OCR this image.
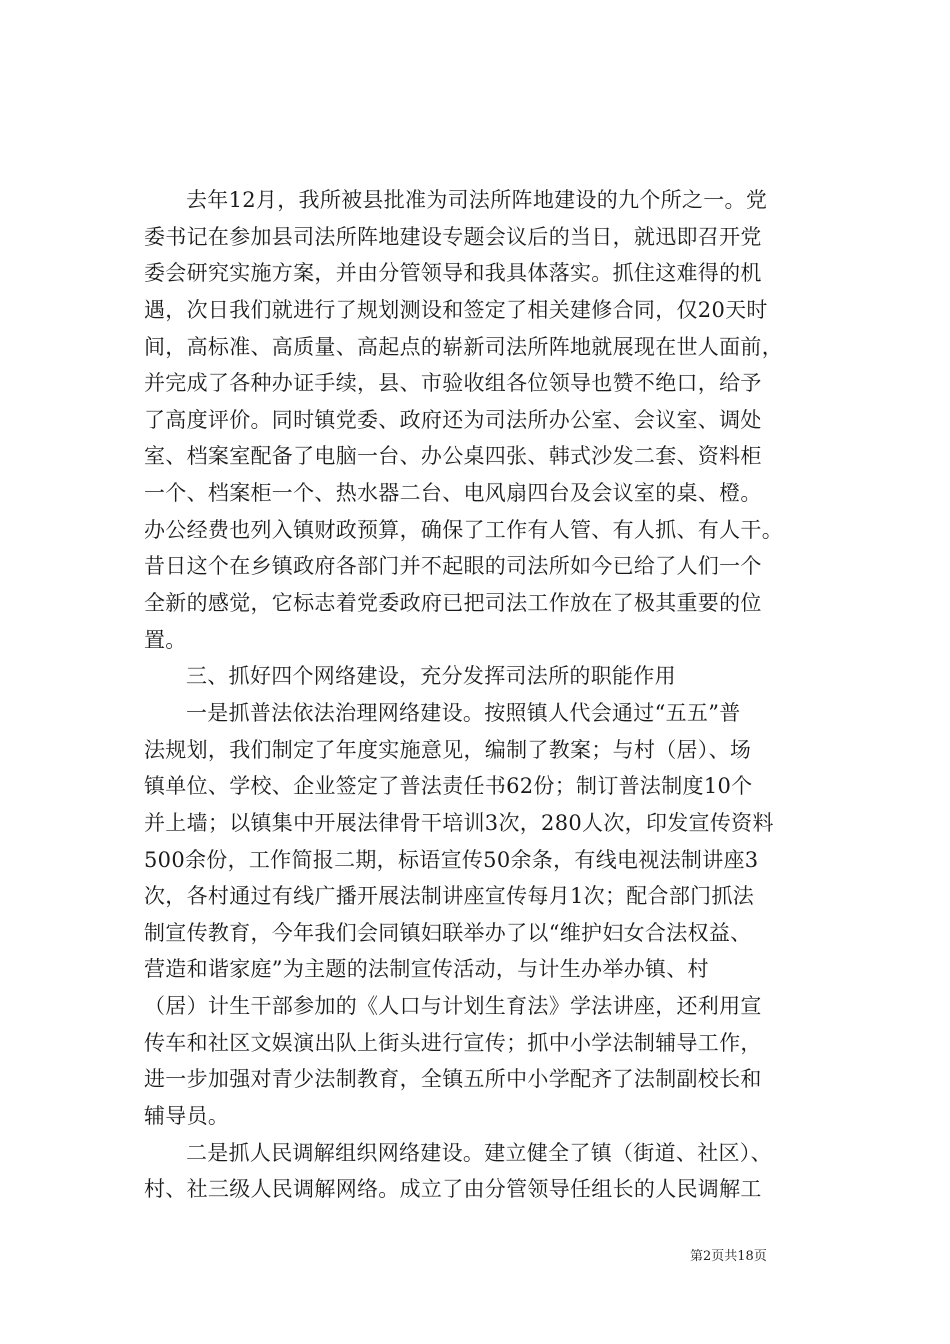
去年12月，我所被县批准为司法所阵地建设的九个所之一。党
委书记在参加县司法所阵地建设专题会议后的当日，就迅即召开党
委会研究实施方案，并由分管领导和我具体落实。抓住这难得的机
遇，次日我们就进行了规划测设和签定了相关建修合同，仅20天时
间，高标准、高质量、高起点的崭新司法所阵地就展现在世人面前，
并完成了各种办证手续，县、市验收组各位领导也赞不绝口，给予
了高度评价。同时镇党委、政府还为司法所办公室、会议室、调处
室、档案室配备了电脑一台、办公桌四张、韩式沙发二套、资料柜
一个、档案柜一个、热水器二台、电风扇四台及会议室的桌、橙。
办公经费也列入镇财政预算，确保了工作有人管、有人抓、有人干。
昔日这个在乡镇政府各部门并不起眼的司法所如今已给了人们一个
全新的感觉，它标志着党委政府已把司法工作放在了极其重要的位
置。
三、抓好四个网络建设，充分发挥司法所的职能作用
一是抓普法依法治理网络建设。按照镇人代会通过“五五”普
法规划，我们制定了年度实施意见，编制了教案；与村（居）、场
镇单位、学校、企业签定了普法责任书62份；制订普法制度10个
并上墙；以镇集中开展法律骨干培训3次，280人次，印发宣传资料
500余份，工作简报二期，标语宣传50余条，有线电视法制讲座3
次，各村通过有线广播开展法制讲座宣传每月1次；配合部门抓法
制宣传教育，今年我们会同镇妇联举办了以“维护妇女合法权益、
营造和谐家庭”为主题的法制宣传活动，与计生办举办镇、村
（居）计生干部参加的《人口与计划生育法》学法讲座，还利用宣
传车和社区文娱演出队上街头进行宣传；抓中小学法制辅导工作，
进一步加强对青少法制教育，全镇五所中小学配齐了法制副校长和
辅导员。
二是抓人民调解组织网络建设。建立健全了镇（街道、社区）、
村、社三级人民调解网络。成立了由分管领导任组长的人民调解工
第2页共18页
